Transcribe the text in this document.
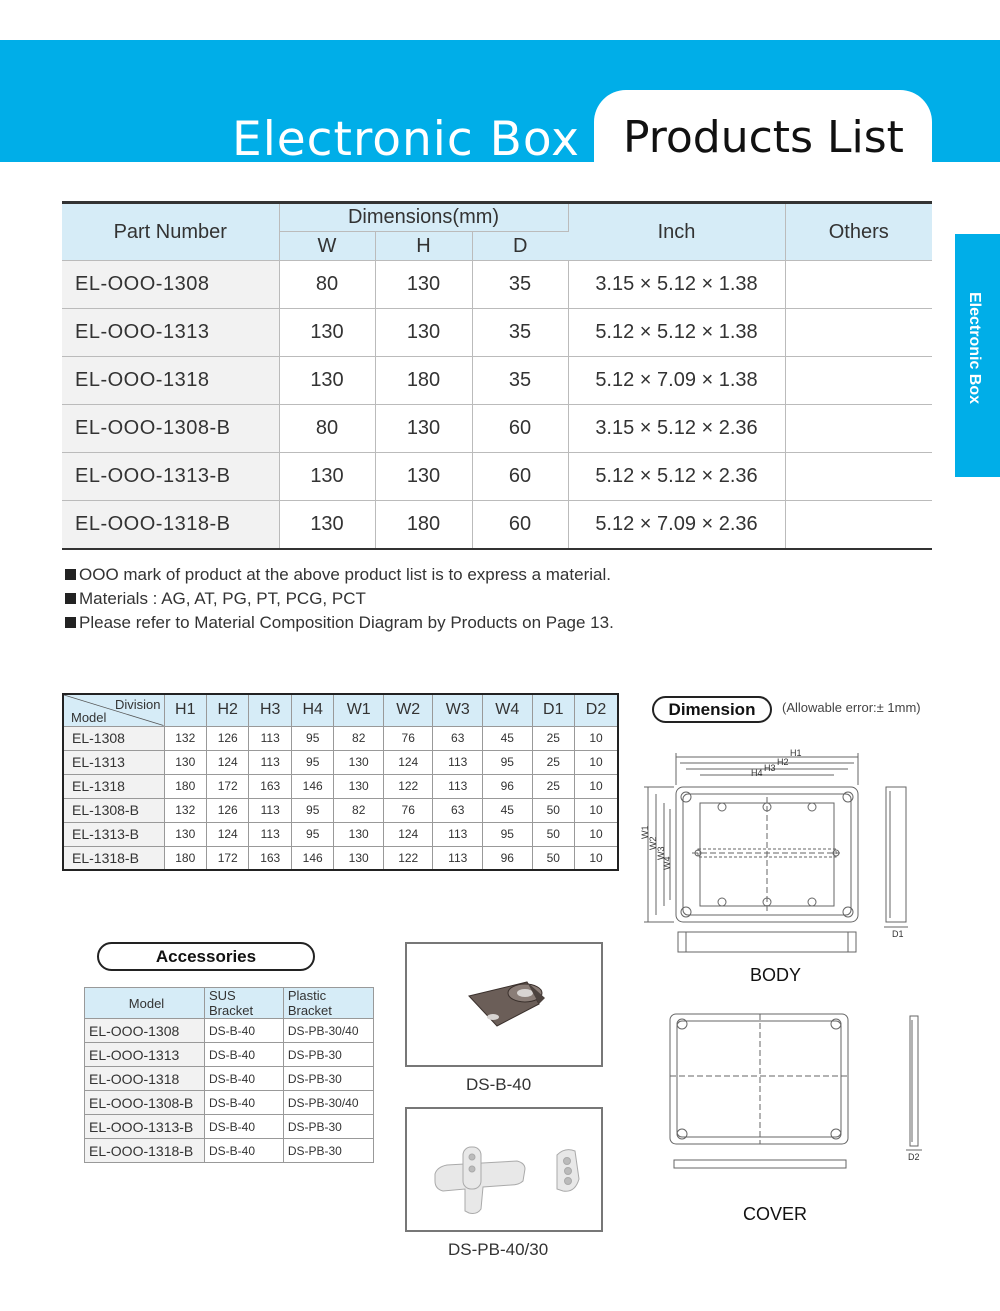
Electronic Box Products List
Electronic Box
Part Number	Dimensions(mm)			Inch	Others
	W	H	D		
EL-OOO-1308	80	130	35	3.15 × 5.12 × 1.38	
EL-OOO-1313	130	130	35	5.12 × 5.12 × 1.38	
EL-OOO-1318	130	180	35	5.12 × 7.09 × 1.38	
EL-OOO-1308-B	80	130	60	3.15 × 5.12 × 2.36	
EL-OOO-1313-B	130	130	60	5.12 × 5.12 × 2.36	
EL-OOO-1318-B	130	180	60	5.12 × 7.09 × 2.36	
OOO mark of product at the above product list is to express a material.
Materials : AG, AT, PG, PT, PCG, PCT
Please refer to Material Composition Diagram by Products on Page 13.
Division
Model	H1	H2	H3	H4	W1	W2	W3	W4	D1	D2
EL-1308	132	126	113	95	82	76	63	45	25	10
EL-1313	130	124	113	95	130	124	113	95	25	10
EL-1318	180	172	163	146	130	122	113	96	25	10
EL-1308-B	132	126	113	95	82	76	63	45	50	10
EL-1313-B	130	124	113	95	130	124	113	95	50	10
EL-1318-B	180	172	163	146	130	122	113	96	50	10
Dimension	(Allowable error:± 1mm)
H1
H2
H3
H4
W1
W2
W3
W4
D1
BODY
D2
COVER
Accessories
Model	SUS Bracket	Plastic Bracket
EL-OOO-1308	DS-B-40	DS-PB-30/40
EL-OOO-1313	DS-B-40	DS-PB-30
EL-OOO-1318	DS-B-40	DS-PB-30
EL-OOO-1308-B	DS-B-40	DS-PB-30/40
EL-OOO-1313-B	DS-B-40	DS-PB-30
EL-OOO-1318-B	DS-B-40	DS-PB-30
DS-B-40
DS-PB-40/30
